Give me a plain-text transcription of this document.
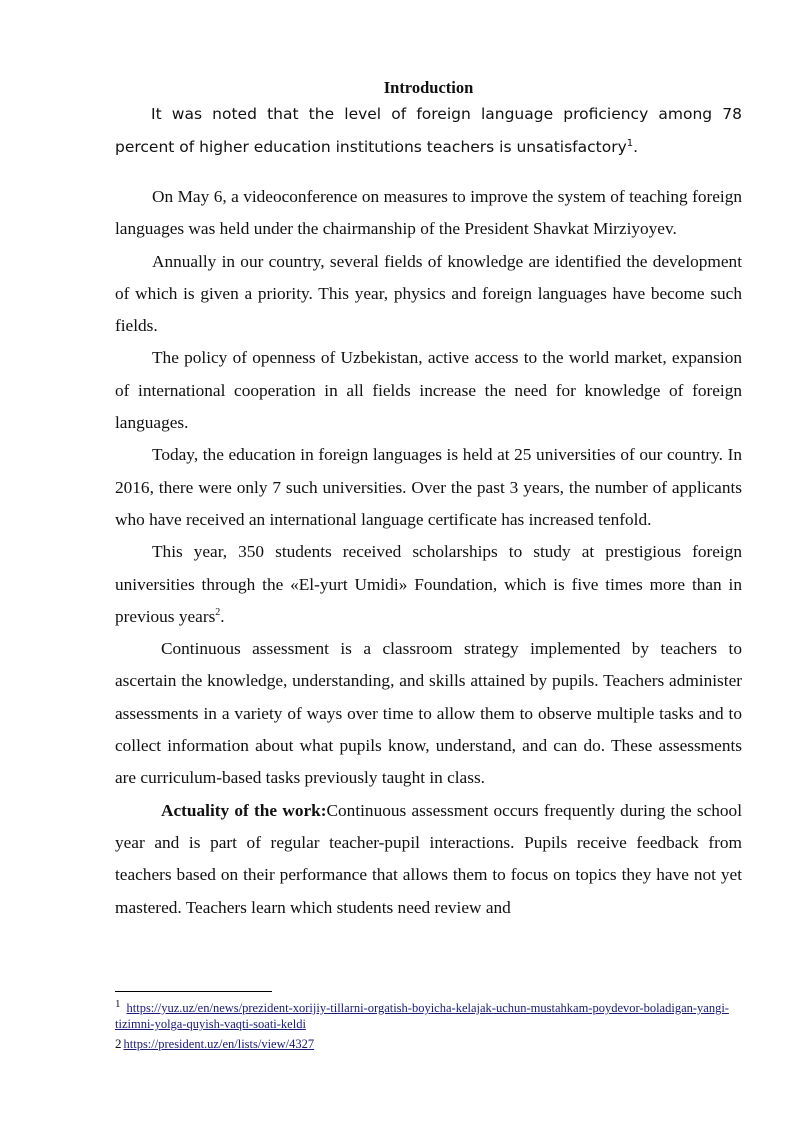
Introduction

It was noted that the level of foreign language proficiency among 78 percent of higher education institutions teachers is unsatisfactory$^1$.

On May 6, a videoconference on measures to improve the system of teaching foreign languages was held under the chairmanship of the President Shavkat Mirziyoyev.

Annually in our country, several fields of knowledge are identified the development of which is given a priority. This year, physics and foreign languages have become such fields.

The policy of openness of Uzbekistan, active access to the world market, expansion of international cooperation in all fields increase the need for knowledge of foreign languages.

Today, the education in foreign languages is held at 25 universities of our country. In 2016, there were only 7 such universities. Over the past 3 years, the number of applicants who have received an international language certificate has increased tenfold.

This year, 350 students received scholarships to study at prestigious foreign universities through the «El-yurt Umidi» Foundation, which is five times more than in previous years$^2$.

Continuous assessment is a classroom strategy implemented by teachers to ascertain the knowledge, understanding, and skills attained by pupils. Teachers administer assessments in a variety of ways over time to allow them to observe multiple tasks and to collect information about what pupils know, understand, and can do. These assessments are curriculum-based tasks previously taught in class.

Actuality of the work:Continuous assessment occurs frequently during the school year and is part of regular teacher-pupil interactions. Pupils receive feedback from teachers based on their performance that allows them to focus on topics they have not yet mastered. Teachers learn which students need review and

1 https://yuz.uz/en/news/prezident-xorijiy-tillarni-orgatish-boyicha-kelajak-uchun-mustahkam-poydevor-boladigan-yangi-tizimni-yolga-quyish-vaqti-soati-keldi
2 https://president.uz/en/lists/view/4327
